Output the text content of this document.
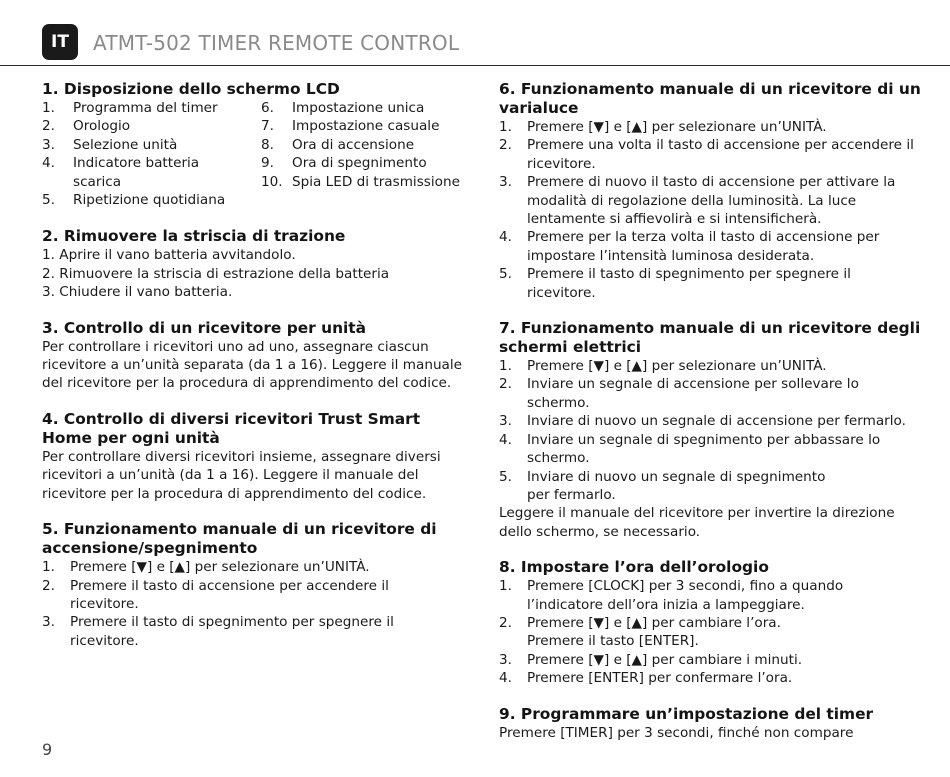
IT	ATMT-502 TIMER REMOTE CONTROL
1. Disposizione dello schermo LCD
1. Programma del timer
2. Orologio
3. Selezione unità
4. Indicatore batteria scarica
5. Ripetizione quotidiana
6. Impostazione unica
7. Impostazione casuale
8. Ora di accensione
9. Ora di spegnimento
10. Spia LED di trasmissione
2. Rimuovere la striscia di trazione
1. Aprire il vano batteria avvitandolo.
2. Rimuovere la striscia di estrazione della batteria
3. Chiudere il vano batteria.
3. Controllo di un ricevitore per unità

Per controllare i ricevitori uno ad uno, assegnare ciascun ricevitore a un’unità separata (da 1 a 16). Leggere il manuale del ricevitore per la procedura di apprendimento del codice.

4. Controllo di diversi ricevitori Trust Smart Home per ogni unità

Per controllare diversi ricevitori insieme, assegnare diversi ricevitori a un’unità (da 1 a 16). Leggere il manuale del ricevitore per la procedura di apprendimento del codice.

5. Funzionamento manuale di un ricevitore di accensione/spegnimento
1. Premere [▼] e [▲] per selezionare un’UNITÀ.
2. Premere il tasto di accensione per accendere il ricevitore.
3. Premere il tasto di spegnimento per spegnere il ricevitore.
6. Funzionamento manuale di un ricevitore di un varialuce
1. Premere [▼] e [▲] per selezionare un’UNITÀ.
2. Premere una volta il tasto di accensione per accendere il ricevitore.
3. Premere di nuovo il tasto di accensione per attivare la modalità di regolazione della luminosità. La luce lentamente si affievolirà e si intensificherà.
4. Premere per la terza volta il tasto di accensione per impostare l’intensità luminosa desiderata.
5. Premere il tasto di spegnimento per spegnere il ricevitore.
7. Funzionamento manuale di un ricevitore degli schermi elettrici
1. Premere [▼] e [▲] per selezionare un’UNITÀ.
2. Inviare un segnale di accensione per sollevare lo schermo.
3. Inviare di nuovo un segnale di accensione per fermarlo.
4. Inviare un segnale di spegnimento per abbassare lo schermo.
5. Inviare di nuovo un segnale di spegnimento per fermarlo.

Leggere il manuale del ricevitore per invertire la direzione dello schermo, se necessario.

8. Impostare l’ora dell’orologio
1. Premere [CLOCK] per 3 secondi, fino a quando l’indicatore dell’ora inizia a lampeggiare.
2. Premere [▼] e [▲] per cambiare l’ora. Premere il tasto [ENTER].
3. Premere [▼] e [▲] per cambiare i minuti.
4. Premere [ENTER] per confermare l’ora.
9. Programmare un’impostazione del timer

Premere [TIMER] per 3 secondi, finché non compare

9
